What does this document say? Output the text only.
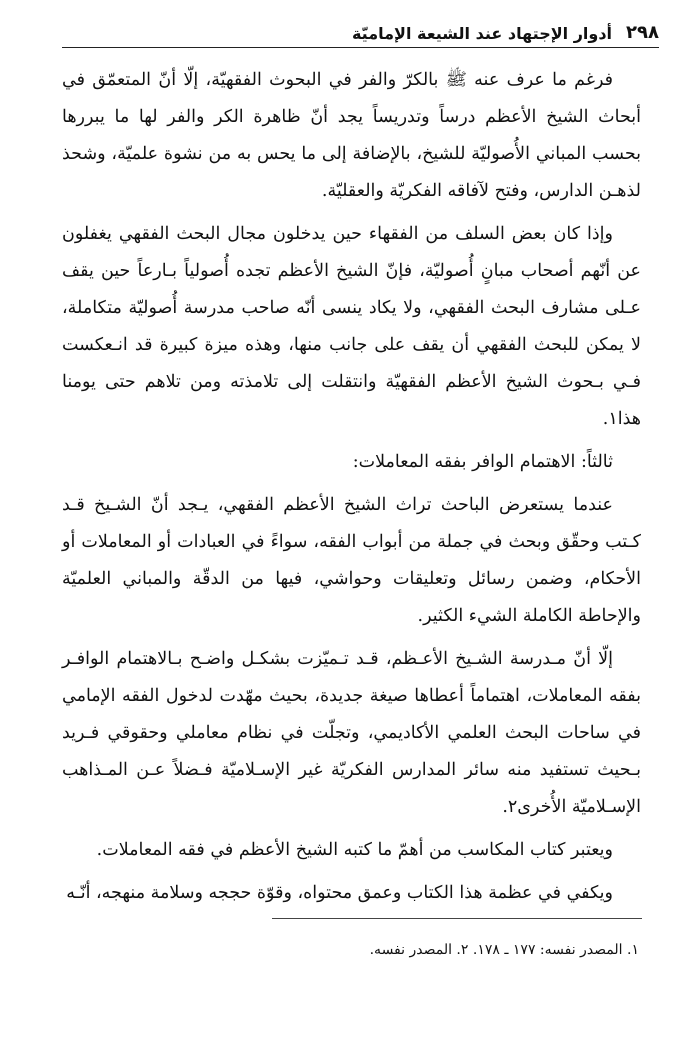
٢٩٨
أدوار الإجتهاد عند الشيعة الإماميّة

فرغم ما عرف عنه ﷺ بالكرّ والفر في البحوث الفقهيّة، إلّا أنّ المتعمّق في أبحاث الشيخ الأعظم درساً وتدريساً يجد أنّ ظاهرة الكر والفر لها ما يبررها بحسب المباني الأُصوليّة للشيخ، بالإضافة إلى ما يحس به من نشوة علميّة، وشحذ لذهـن الدارس، وفتح لآفاقه الفكريّة والعقليّة.

وإذا كان بعض السلف من الفقهاء حين يدخلون مجال البحث الفقهي يغفلون عن أنّهم أصحاب مبانٍ أُصوليّة، فإنّ الشيخ الأعظم تجده أُصولياً بـارعاً حين يقف عـلى مشارف البحث الفقهي، ولا يكاد ينسى أنّه صاحب مدرسة أُصوليّة متكاملة، لا يمكن للبحث الفقهي أن يقف على جانب منها، وهذه ميزة كبيرة قد انـعكست فـي بـحوث الشيخ الأعظم الفقهيّة وانتقلت إلى تلامذته ومن تلاهم حتى يومنا هذا١.

ثالثاً: الاهتمام الوافر بفقه المعاملات:

عندما يستعرض الباحث تراث الشيخ الأعظم الفقهي، يـجد أنّ الشـيخ قـد كـتب وحقّق وبحث في جملة من أبواب الفقه، سواءً في العبادات أو المعاملات أو الأحكام، وضمن رسائل وتعليقات وحواشي، فيها من الدقّة والمباني العلميّة والإحاطة الكاملة الشيء الكثير.

إلّا أنّ مـدرسة الشـيخ الأعـظم، قـد تـميّزت بشكـل واضـح بـالاهتمام الوافـر بفقه المعاملات، اهتماماً أعطاها صيغة جديدة، بحيث مهّدت لدخول الفقه الإمامي في ساحات البحث العلمي الأكاديمي، وتجلّت في نظام معاملي وحقوقي فـريد بـحيث تستفيد منه سائر المدارس الفكريّة غير الإسـلاميّة فـضلاً عـن المـذاهب الإسـلاميّة الأُخرى٢.

ويعتبر كتاب المكاسب من أهمّ ما كتبه الشيخ الأعظم في فقه المعاملات.

ويكفي في عظمة هذا الكتاب وعمق محتواه، وقوّة حججه وسلامة منهجه، أنّـه

١. المصدر نفسه: ١٧٧ ـ ١٧٨. ٢. المصدر نفسه.
